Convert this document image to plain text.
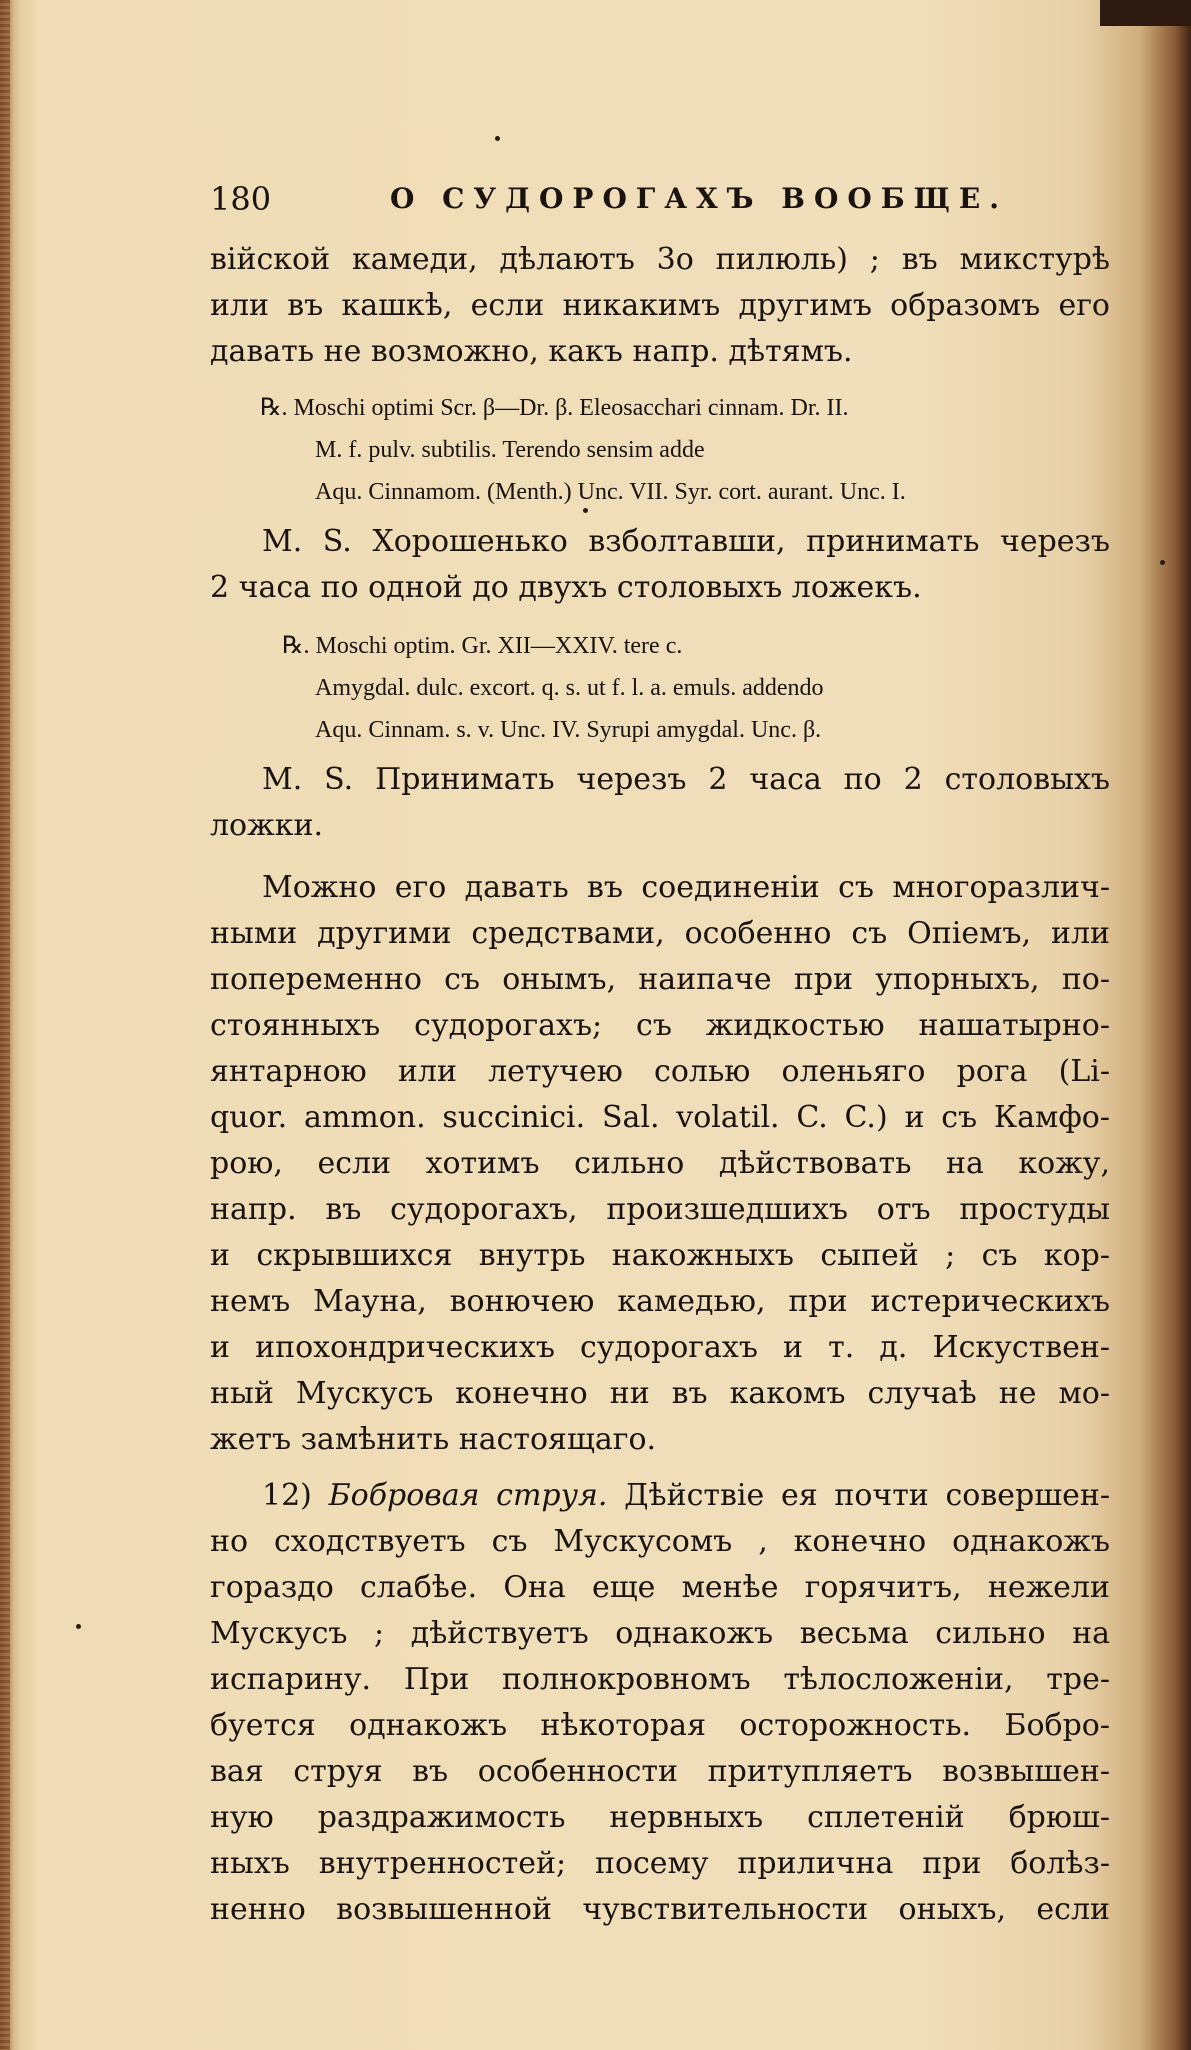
180	О СУДОРОГАХЪ ВООБЩЕ.
війской камеди, дѣлаютъ 3o пилюль) ; въ микстурѣ
или въ кашкѣ, если никакимъ другимъ образомъ его
давать не возможно, какъ напр. дѣтямъ.
℞. Moschi optimi Scr. β—Dr. β. Eleosacchari cinnam. Dr. II.
M. f. pulv. subtilis. Terendo sensim adde
Aqu. Cinnamom. (Menth.) Unc. VII. Syr. cort. aurant. Unc. I.
M. S. Хорошенько взболтавши, принимать черезъ
2 часа по одной до двухъ столовыхъ ложекъ.
℞. Moschi optim. Gr. XII—XXIV. tere c.
Amygdal. dulc. excort. q. s. ut f. l. a. emuls. addendo
Aqu. Cinnam. s. v. Unc. IV. Syrupi amygdal. Unc. β.
M. S. Принимать черезъ 2 часа по 2 столовыхъ
ложки.
Можно его давать въ соединеніи съ многоразлич-
ными другими средствами, особенно съ Опіемъ, или
попеременно съ онымъ, наипаче при упорныхъ, по-
стоянныхъ судорогахъ; съ жидкостью нашатырно-
янтарною или летучею солью оленьяго рога (Li-
quor. ammon. succinici. Sal. volatil. C. C.) и съ Камфо-
рою, если хотимъ сильно дѣйствовать на кожу,
напр. въ судорогахъ, произшедшихъ отъ простуды
и скрывшихся внутрь накожныхъ сыпей ; съ кор-
немъ Мауна, вонючею камедью, при истерическихъ
и ипохондрическихъ судорогахъ и т. д. Искуствен-
ный Мускусъ конечно ни въ какомъ случаѣ не мо-
жетъ замѣнить настоящаго.
12) Бобровая струя. Дѣйствіе ея почти совершен-
но сходствуетъ съ Мускусомъ , конечно однакожъ
гораздо слабѣе. Она еще менѣе горячитъ, нежели
Мускусъ ; дѣйствуетъ однакожъ весьма сильно на
испарину. При полнокровномъ тѣлосложеніи, тре-
буется однакожъ нѣкоторая осторожность. Бобро-
вая струя въ особенности притупляетъ возвышен-
ную раздражимость нервныхъ сплетеній брюш-
ныхъ внутренностей; посему прилична при болѣз-
ненно возвышенной чувствительности оныхъ, если
